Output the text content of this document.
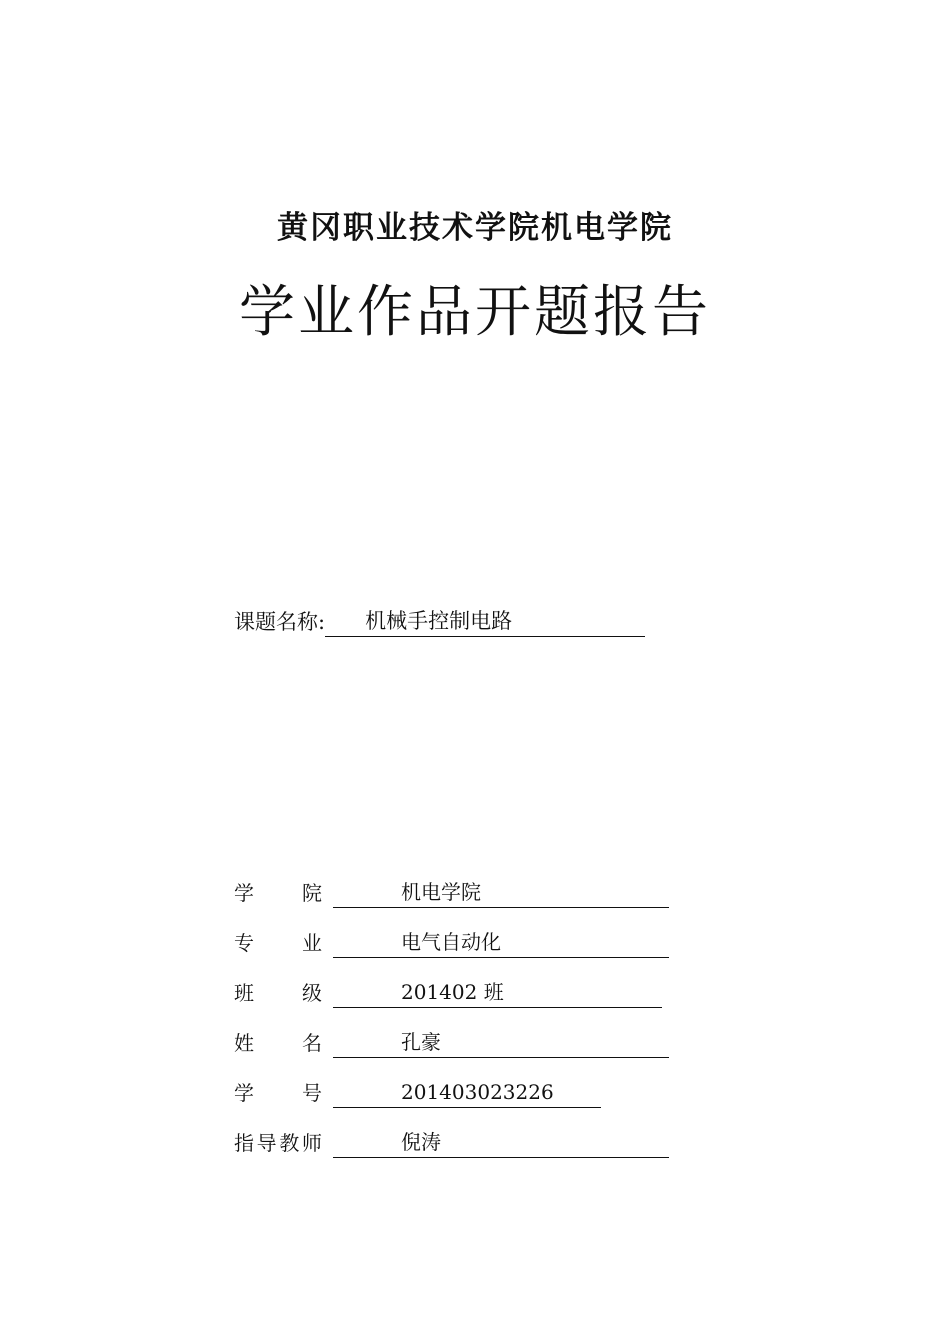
黄冈职业技术学院机电学院
学业作品开题报告
课题名称:	机械手控制电路
学　　院	机电学院
专　　业	电气自动化
班　　级	201402 班
姓　　名	孔豪
学　　号	201403023226
指导教师	倪涛
